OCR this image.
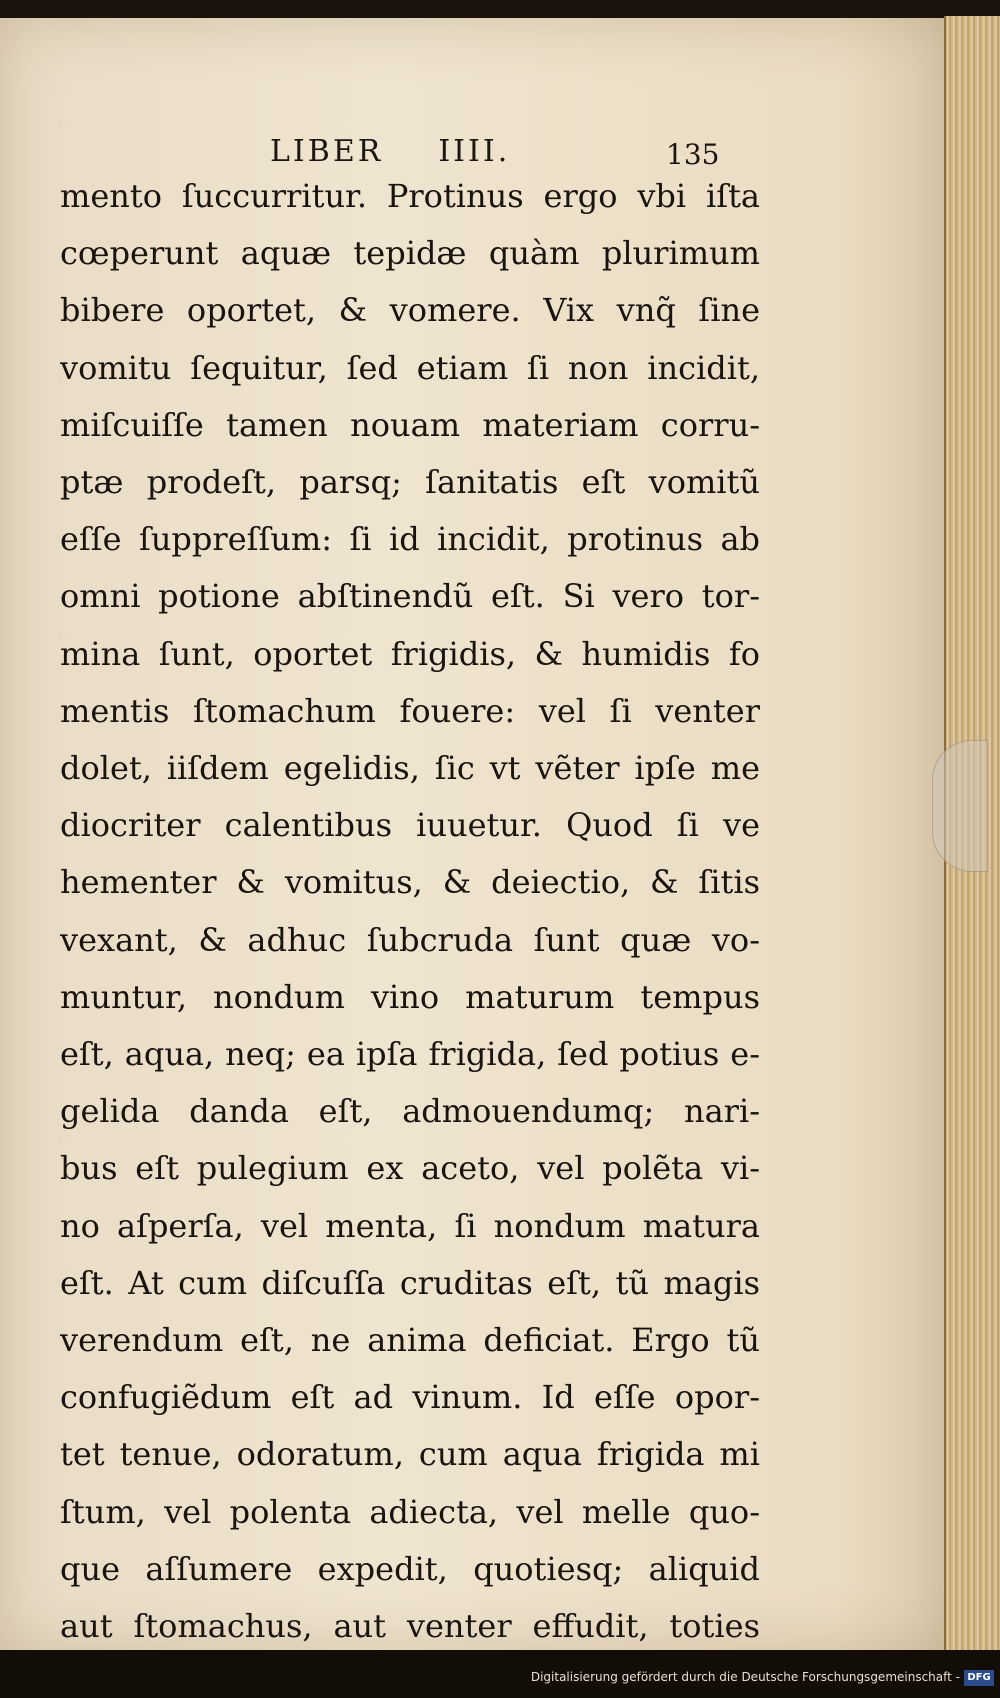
LIBER IIII.	135
mento ſuccurritur. Protinus ergo vbi iſta
cœperunt aquæ tepidæ quàm plurimum
bibere oportet, & vomere. Vix vnq̃ ſine
vomitu ſequitur, ſed etiam ſi non incidit,
miſcuiſſe tamen nouam materiam corru-
ptæ prodeſt, parsq; ſanitatis eſt vomitũ
eſſe ſuppreſſum: ſi id incidit, protinus ab
omni potione abſtinendũ eſt. Si vero tor-
mina ſunt, oportet frigidis, & humidis fo
mentis ſtomachum fouere: vel ſi venter
dolet, iiſdem egelidis, ſic vt vẽter ipſe me
diocriter calentibus iuuetur. Quod ſi ve
hementer & vomitus, & deiectio, & ſitis
vexant, & adhuc ſubcruda ſunt quæ vo-
muntur, nondum vino maturum tempus
eſt, aqua, neq; ea ipſa frigida, ſed potius e-
gelida danda eſt, admouendumq; nari-
bus eſt pulegium ex aceto, vel polẽta vi-
no aſperſa, vel menta, ſi nondum matura
eſt. At cum diſcuſſa cruditas eſt, tũ magis
verendum eſt, ne anima deficiat. Ergo tũ
confugiẽdum eſt ad vinum. Id eſſe opor-
tet tenue, odoratum, cum aqua frigida mi
ſtum, vel polenta adiecta, vel melle quo-
que aſſumere expedit, quotiesq; aliquid
aut ſtomachus, aut venter effudit, toties
Digitalisierung gefördert durch die Deutsche Forschungsgemeinschaft - DFG
